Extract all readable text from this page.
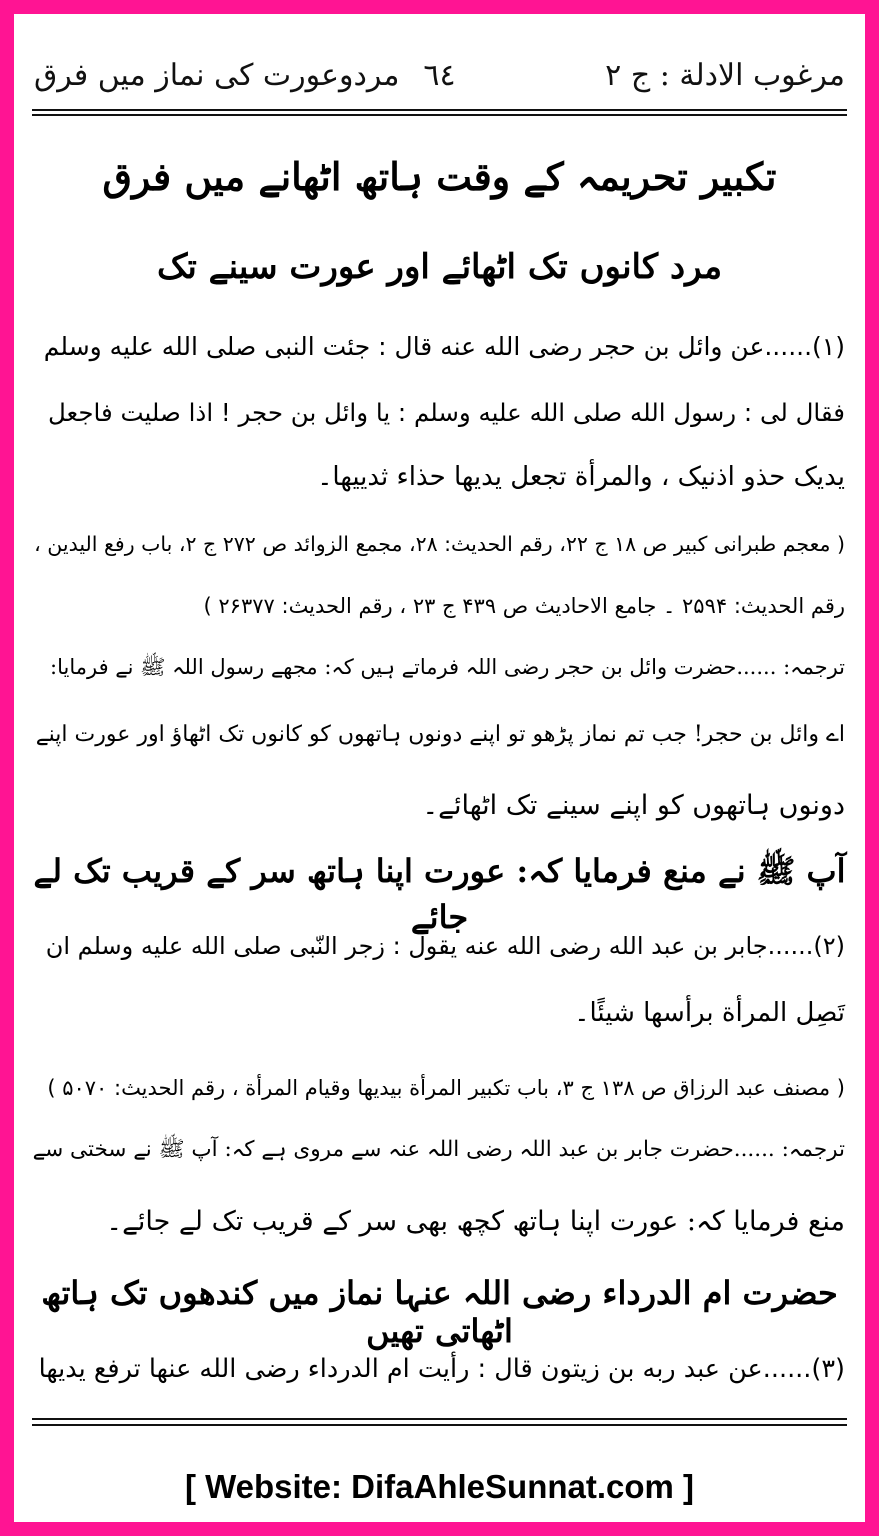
مرغوب الادلة : ج ۲
٦٤
مردوعورت کی نماز میں فرق
تکبیر تحریمہ کے وقت ہاتھ اٹھانے میں فرق
مرد کانوں تک اٹھائے اور عورت سینے تک
(۱)......عن وائل بن حجر رضی الله عنه قال : جئت النبی صلی الله علیه وسلم
فقال لی : رسول الله صلی الله علیه وسلم : یا وائل بن حجر ! اذا صلیت فاجعل
یدیک حذو اذنیک ، والمرأة تجعل یدیها حذاء ثدییها۔
( معجم طبرانی کبیر ص ۱۸ ج ۲۲، رقم الحدیث: ۲۸، مجمع الزوائد ص ۲۷۲ ج ۲، باب رفع الیدین ،
رقم الحدیث: ۲۵۹۴ ۔ جامع الاحادیث ص ۴۳۹ ج ۲۳ ، رقم الحدیث: ۲۶۳۷۷ )
ترجمہ: ......حضرت وائل بن حجر رضی اللہ فرماتے ہیں کہ: مجھے رسول اللہ ﷺ نے فرمایا:
اے وائل بن حجر! جب تم نماز پڑھو تو اپنے دونوں ہاتھوں کو کانوں تک اٹھاؤ اور عورت اپنے
دونوں ہاتھوں کو اپنے سینے تک اٹھائے۔
آپ ﷺ نے منع فرمایا کہ: عورت اپنا ہاتھ سر کے قریب تک لے جائے
(۲)......جابر بن عبد الله رضی الله عنه یقول : زجر النّبی صلی الله علیه وسلم ان
تَصِل المرأة برأسها شیئًا۔
( مصنف عبد الرزاق ص ۱۳۸ ج ۳، باب تکبیر المرأة بیدیها وقیام المرأة ، رقم الحدیث: ۵۰۷۰ )
ترجمہ: ......حضرت جابر بن عبد اللہ رضی اللہ عنہ سے مروی ہے کہ: آپ ﷺ نے سختی سے
منع فرمایا کہ: عورت اپنا ہاتھ کچھ بھی سر کے قریب تک لے جائے۔
حضرت ام الدرداء رضی اللہ عنہا نماز میں کندھوں تک ہاتھ اٹھاتی تھیں
(۳)......عن عبد ربه بن زیتون قال : رأیت ام الدرداء رضی الله عنها ترفع یدیها
[ Website: DifaAhleSunnat.com ]
